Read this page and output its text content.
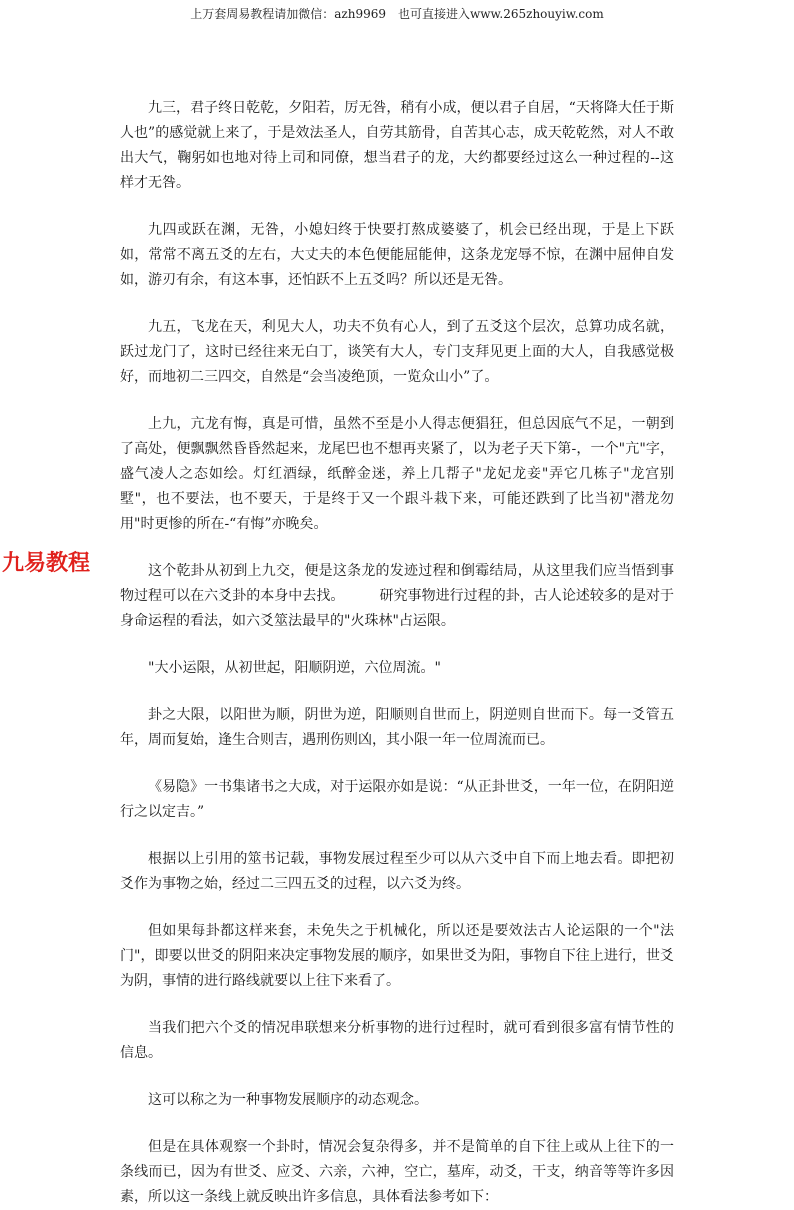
上万套周易教程请加微信：azh9969　也可直接进入www.265zhouyiw.com
九易教程

九三，君子终日乾乾，夕阳若，厉无咎，稍有小成，便以君子自居，“天将降大任于斯人也”的感觉就上来了，于是效法圣人，自劳其筋骨，自苦其心志，成天乾乾然，对人不敢出大气，鞠躬如也地对待上司和同僚，想当君子的龙，大约都要经过这么一种过程的--这样才无咎。

九四或跃在渊，无咎，小媳妇终于快要打熬成婆婆了，机会已经出现，于是上下跃如，常常不离五爻的左右，大丈夫的本色便能屈能伸，这条龙宠辱不惊，在渊中屈伸自发如，游刃有余，有这本事，还怕跃不上五爻吗？所以还是无咎。

九五，飞龙在天，利见大人，功夫不负有心人，到了五爻这个层次，总算功成名就，跃过龙门了，这时已经往来无白丁，谈笑有大人，专门支拜见更上面的大人，自我感觉极好，而地初二三四交，自然是“会当凌绝顶，一览众山小”了。

上九，亢龙有悔，真是可惜，虽然不至是小人得志便猖狂，但总因底气不足，一朝到了高处，便飘飘然昏昏然起来，龙尾巴也不想再夹紧了，以为老子天下第-，一个"亢"字，盛气凌人之态如绘。灯红酒绿，纸醉金迷，养上几帮子"龙妃龙妾"弄它几栋子"龙宫别墅"，也不要法，也不要天，于是终于又一个跟斗栽下来，可能还跌到了比当初"潜龙勿用"时更惨的所在-“有悔”亦晚矣。

这个乾卦从初到上九交，便是这条龙的发迹过程和倒霉结局，从这里我们应当悟到事物过程可以在六爻卦的本身中去找。　　　研究事物进行过程的卦，古人论述较多的是对于身命运程的看法，如六爻筮法最早的"火珠林"占运限。

"大小运限，从初世起，阳顺阴逆，六位周流。"

卦之大限，以阳世为顺，阴世为逆，阳顺则自世而上，阴逆则自世而下。每一爻管五年，周而复始，逢生合则吉，遇刑伤则凶，其小限一年一位周流而已。

《易隐》一书集诸书之大成，对于运限亦如是说：“从正卦世爻，一年一位，在阴阳逆行之以定吉。”

根据以上引用的筮书记载，事物发展过程至少可以从六爻中自下而上地去看。即把初爻作为事物之始，经过二三四五爻的过程，以六爻为终。

但如果每卦都这样来套，未免失之于机械化，所以还是要效法古人论运限的一个"法门"，即要以世爻的阴阳来决定事物发展的顺序，如果世爻为阳，事物自下往上进行，世爻为阴，事情的进行路线就要以上往下来看了。

当我们把六个爻的情况串联想来分析事物的进行过程时，就可看到很多富有情节性的信息。

这可以称之为一种事物发展顺序的动态观念。

但是在具体观察一个卦时，情况会复杂得多，并不是简单的自下往上或从上往下的一条线而已，因为有世爻、应爻、六亲，六神，空亡，墓库，动爻，干支，纳音等等许多因素，所以这一条线上就反映出许多信息，具体看法参考如下：
